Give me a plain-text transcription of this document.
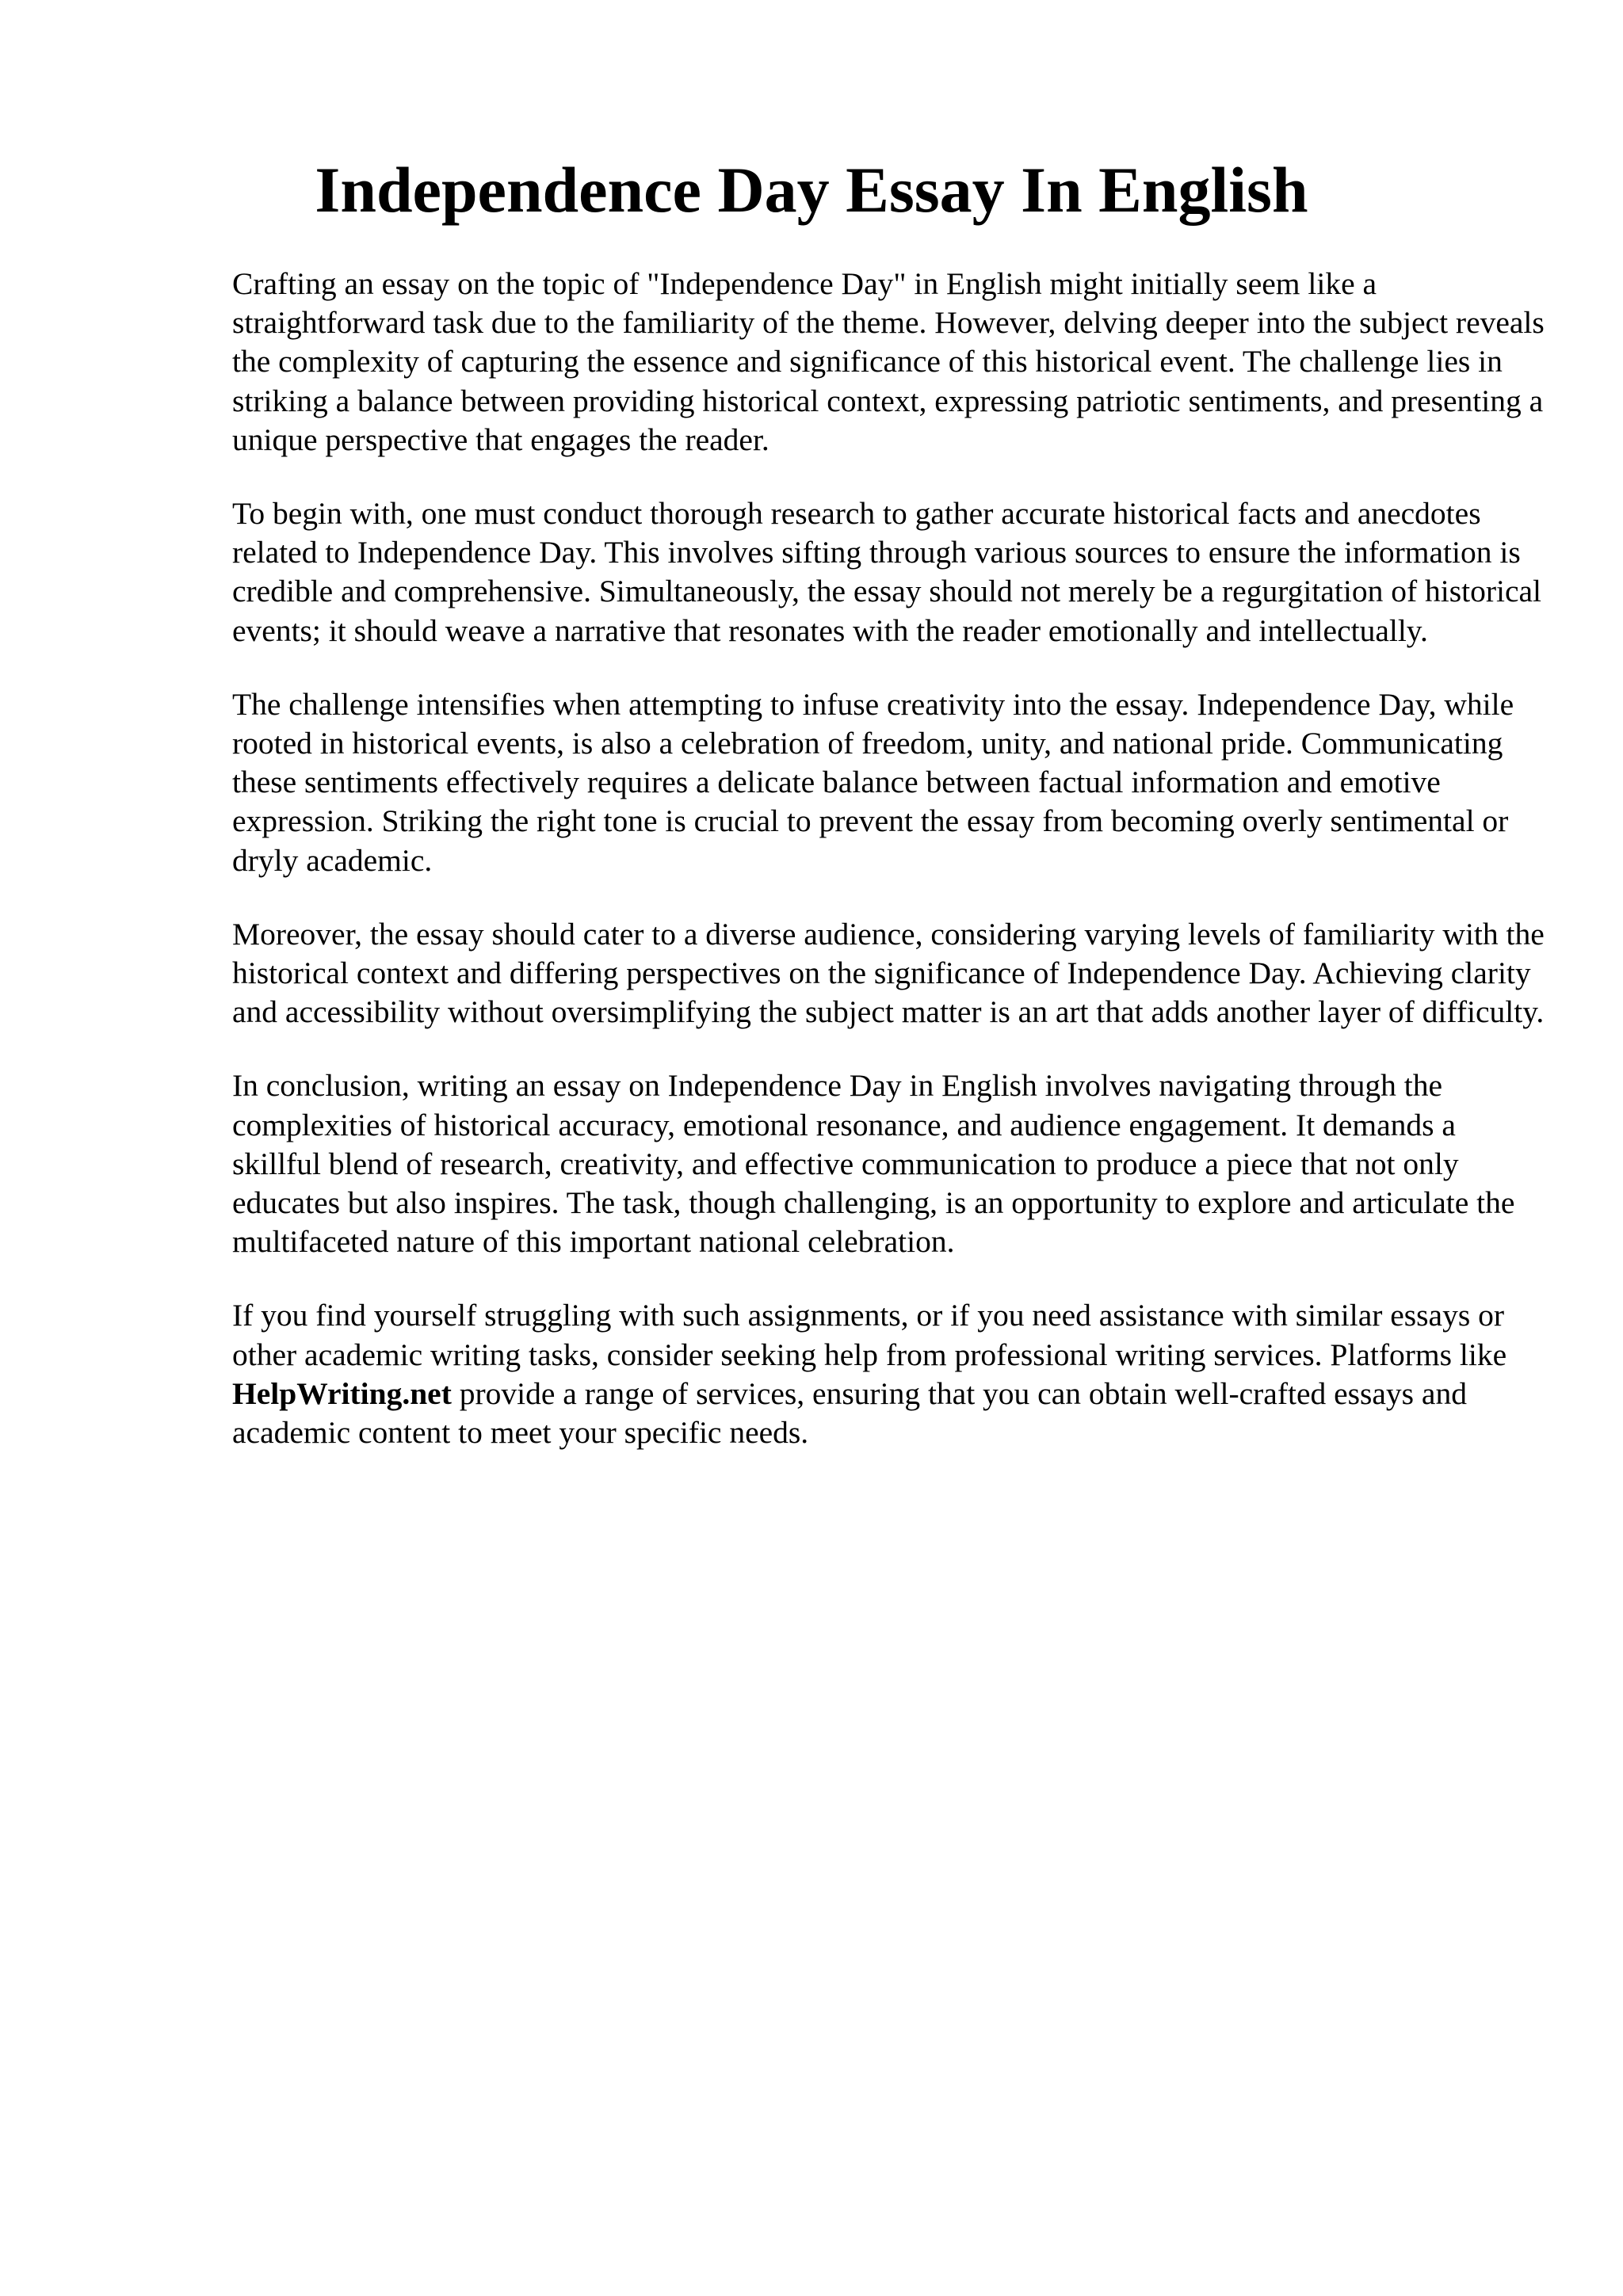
Independence Day Essay In English

Crafting an essay on the topic of "Independence Day" in English might initially seem like a straightforward task due to the familiarity of the theme. However, delving deeper into the subject reveals the complexity of capturing the essence and significance of this historical event. The challenge lies in striking a balance between providing historical context, expressing patriotic sentiments, and presenting a unique perspective that engages the reader.

To begin with, one must conduct thorough research to gather accurate historical facts and anecdotes related to Independence Day. This involves sifting through various sources to ensure the information is credible and comprehensive. Simultaneously, the essay should not merely be a regurgitation of historical events; it should weave a narrative that resonates with the reader emotionally and intellectually.

The challenge intensifies when attempting to infuse creativity into the essay. Independence Day, while rooted in historical events, is also a celebration of freedom, unity, and national pride. Communicating these sentiments effectively requires a delicate balance between factual information and emotive expression. Striking the right tone is crucial to prevent the essay from becoming overly sentimental or dryly academic.

Moreover, the essay should cater to a diverse audience, considering varying levels of familiarity with the historical context and differing perspectives on the significance of Independence Day. Achieving clarity and accessibility without oversimplifying the subject matter is an art that adds another layer of difficulty.

In conclusion, writing an essay on Independence Day in English involves navigating through the complexities of historical accuracy, emotional resonance, and audience engagement. It demands a skillful blend of research, creativity, and effective communication to produce a piece that not only educates but also inspires. The task, though challenging, is an opportunity to explore and articulate the multifaceted nature of this important national celebration.

If you find yourself struggling with such assignments, or if you need assistance with similar essays or other academic writing tasks, consider seeking help from professional writing services. Platforms like HelpWriting.net provide a range of services, ensuring that you can obtain well-crafted essays and academic content to meet your specific needs.
